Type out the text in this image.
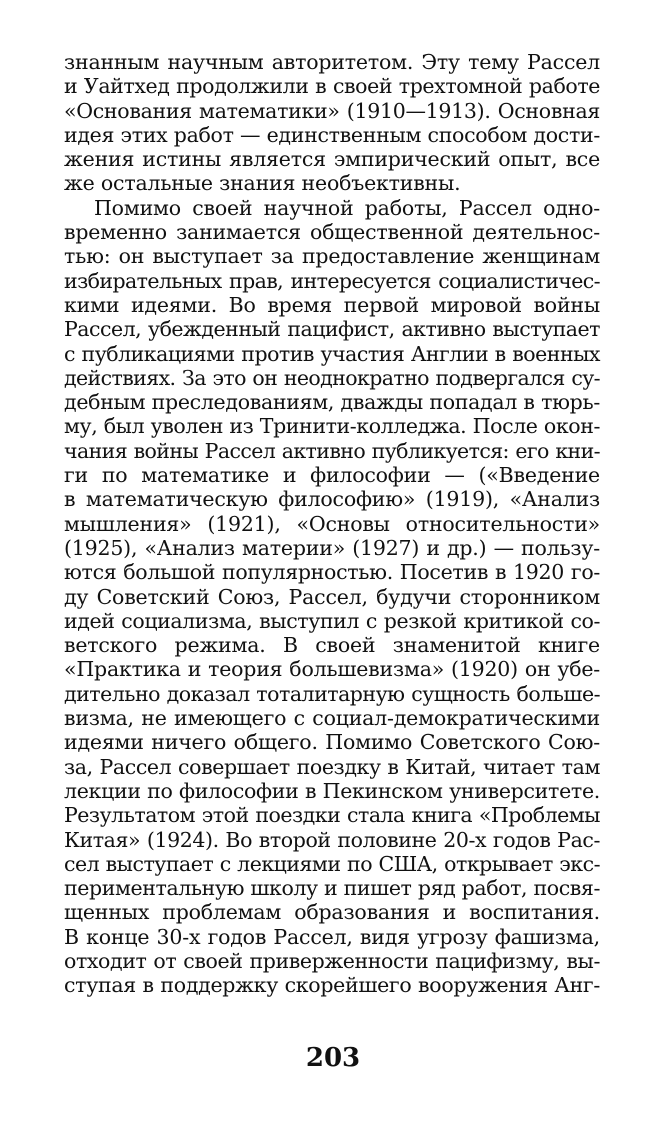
знанным научным авторитетом. Эту тему Рассел
и Уайтхед продолжили в своей трехтомной работе
«Основания математики» (1910—1913). Основная
идея этих работ — единственным способом дости-
жения истины является эмпирический опыт, все
же остальные знания необъективны.
Помимо своей научной работы, Рассел одно-
временно занимается общественной деятельнос-
тью: он выступает за предоставление женщинам
избирательных прав, интересуется социалистичес-
кими идеями. Во время первой мировой войны
Рассел, убежденный пацифист, активно выступает
с публикациями против участия Англии в военных
действиях. За это он неоднократно подвергался су-
дебным преследованиям, дважды попадал в тюрь-
му, был уволен из Тринити-колледжа. После окон-
чания войны Рассел активно публикуется: его кни-
ги по математике и философии — («Введение
в математическую философию» (1919), «Анализ
мышления» (1921), «Основы относительности»
(1925), «Анализ материи» (1927) и др.) — пользу-
ются большой популярностью. Посетив в 1920 го-
ду Советский Союз, Рассел, будучи сторонником
идей социализма, выступил с резкой критикой со-
ветского режима. В своей знаменитой книге
«Практика и теория большевизма» (1920) он убе-
дительно доказал тоталитарную сущность больше-
визма, не имеющего с социал-демократическими
идеями ничего общего. Помимо Советского Сою-
за, Рассел совершает поездку в Китай, читает там
лекции по философии в Пекинском университете.
Результатом этой поездки стала книга «Проблемы
Китая» (1924). Во второй половине 20-х годов Рас-
сел выступает с лекциями по США, открывает экс-
периментальную школу и пишет ряд работ, посвя-
щенных проблемам образования и воспитания.
В конце 30-х годов Рассел, видя угрозу фашизма,
отходит от своей приверженности пацифизму, вы-
ступая в поддержку скорейшего вооружения Анг-
203
